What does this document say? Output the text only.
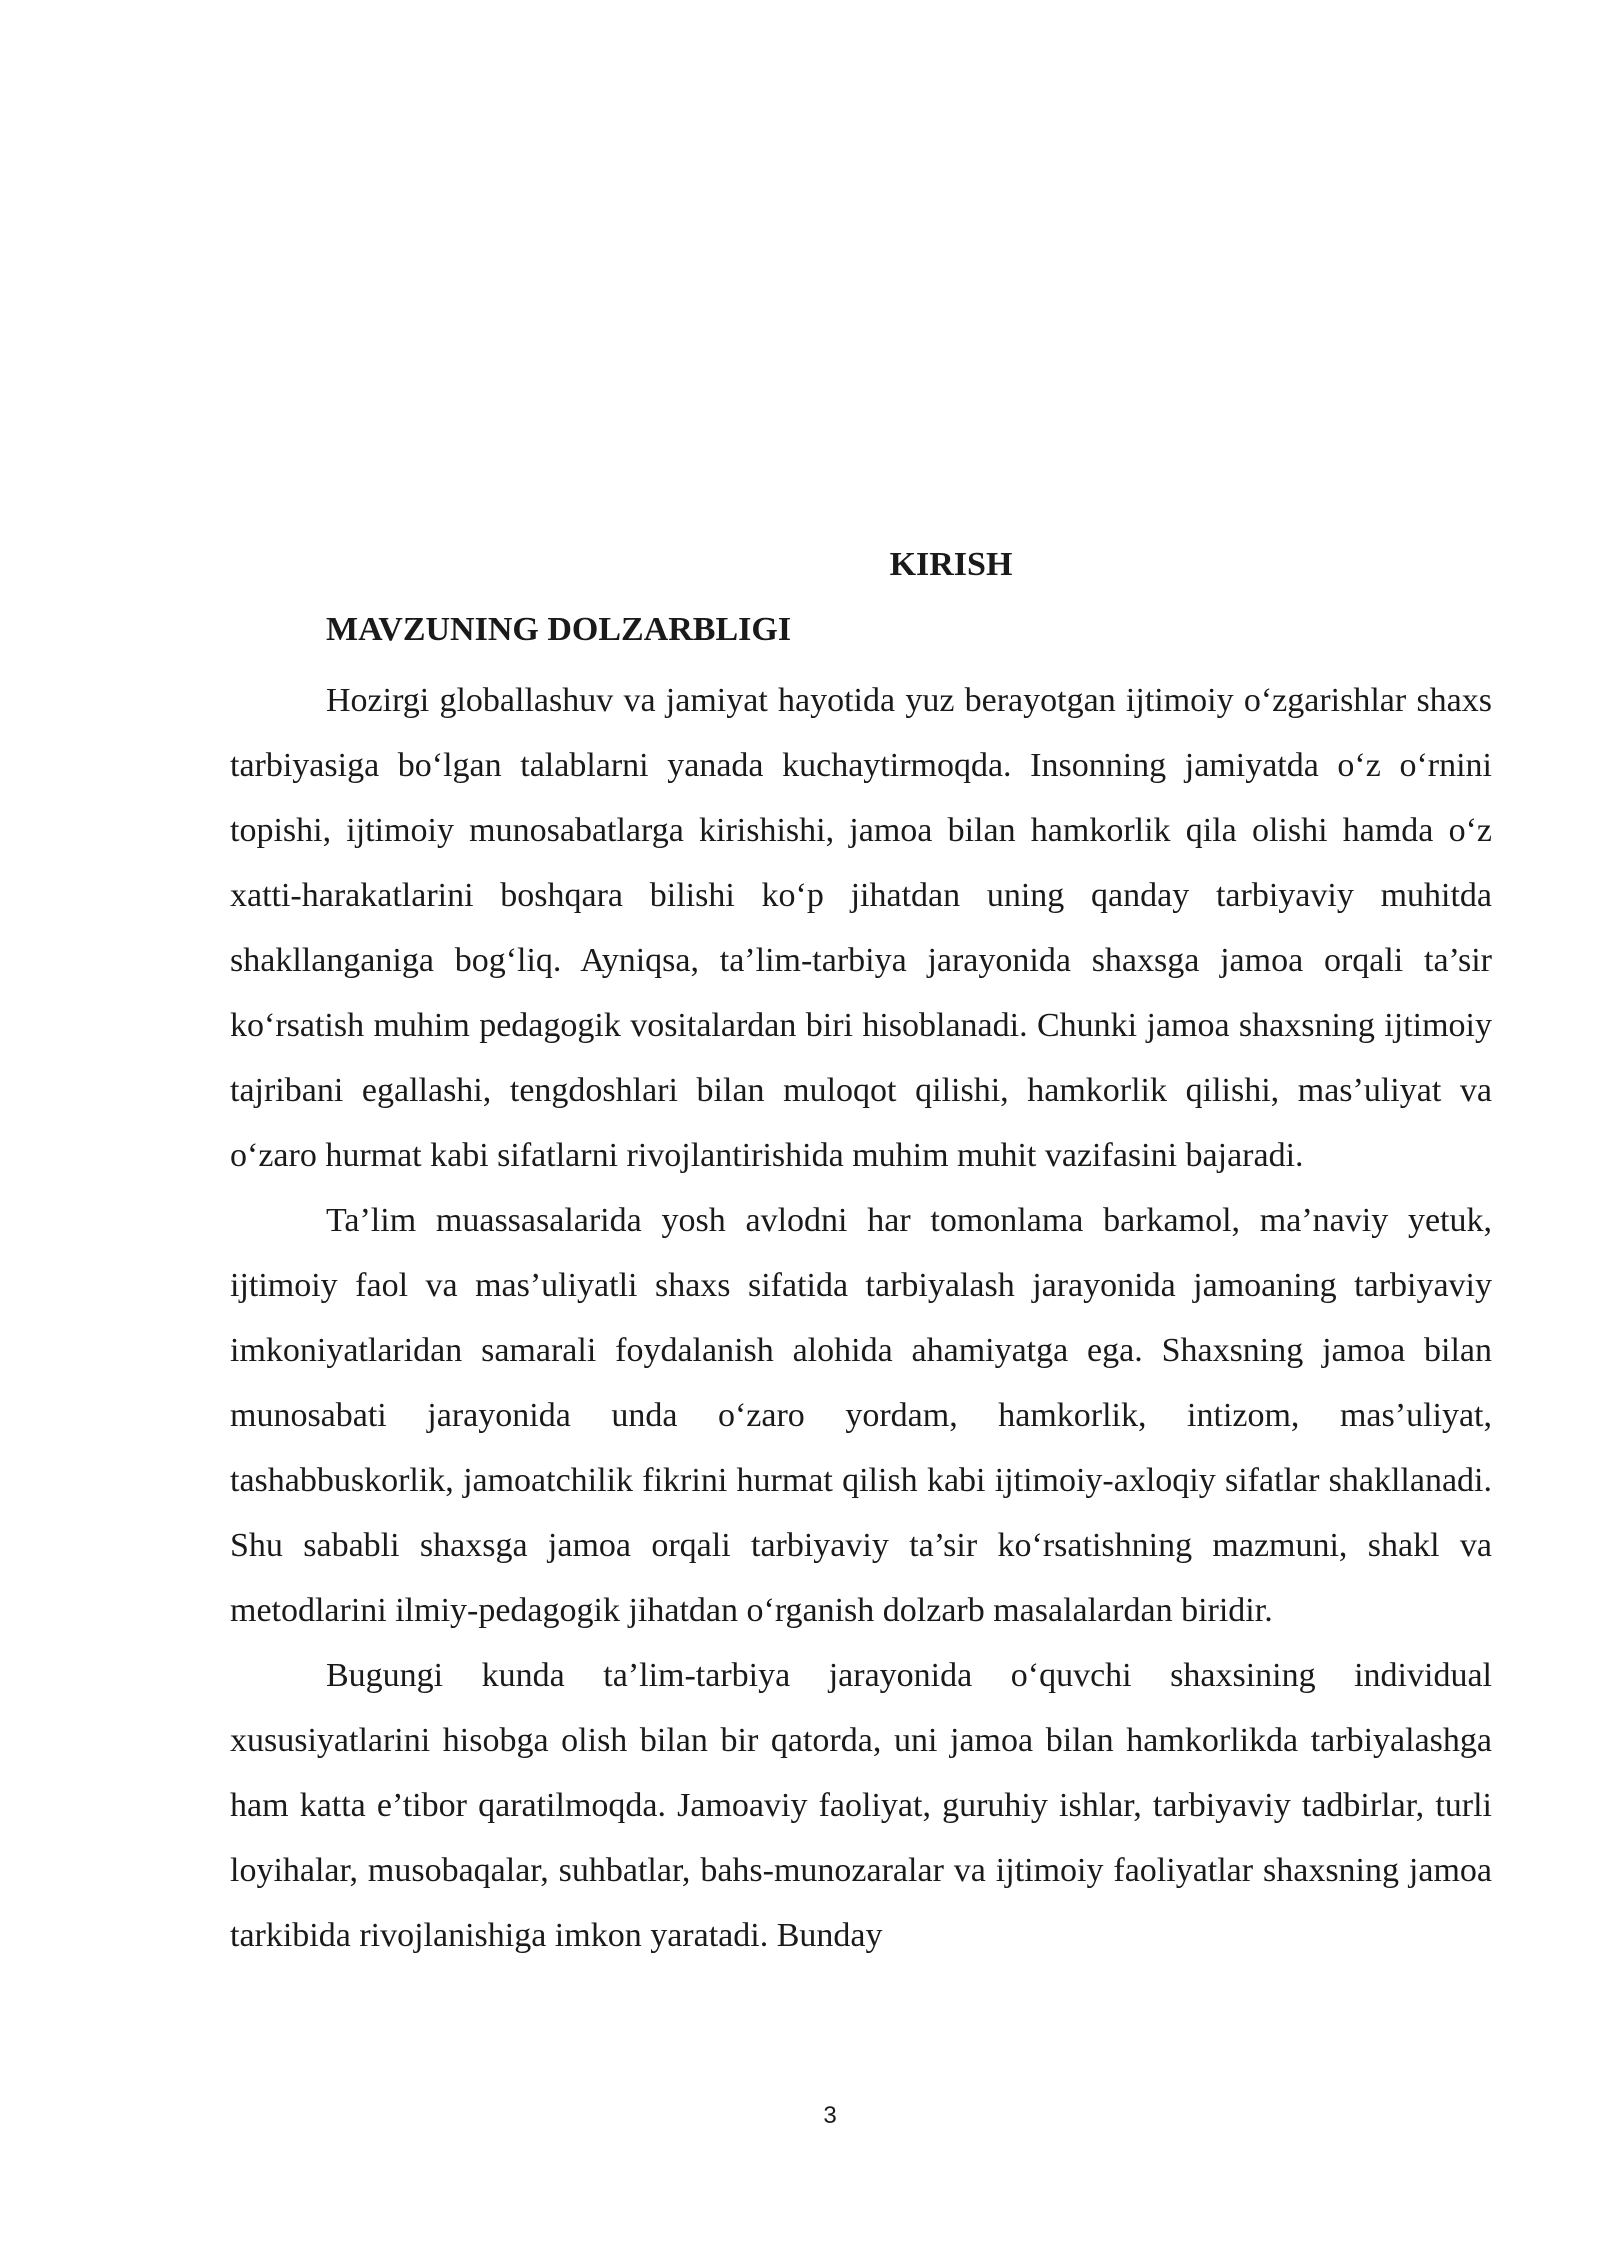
KIRISH
MAVZUNING DOLZARBLIGI

Hozirgi globallashuv va jamiyat hayotida yuz berayotgan ijtimoiy o‘zgarishlar shaxs tarbiyasiga bo‘lgan talablarni yanada kuchaytirmoqda. Insonning jamiyatda o‘z o‘rnini topishi, ijtimoiy munosabatlarga kirishishi, jamoa bilan hamkorlik qila olishi hamda o‘z xatti-harakatlarini boshqara bilishi ko‘p jihatdan uning qanday tarbiyaviy muhitda shakllanganiga bog‘liq. Ayniqsa, ta’lim-tarbiya jarayonida shaxsga jamoa orqali ta’sir ko‘rsatish muhim pedagogik vositalardan biri hisoblanadi. Chunki jamoa shaxsning ijtimoiy tajribani egallashi, tengdoshlari bilan muloqot qilishi, hamkorlik qilishi, mas’uliyat va o‘zaro hurmat kabi sifatlarni rivojlantirishida muhim muhit vazifasini bajaradi.

Ta’lim muassasalarida yosh avlodni har tomonlama barkamol, ma’naviy yetuk, ijtimoiy faol va mas’uliyatli shaxs sifatida tarbiyalash jarayonida jamoaning tarbiyaviy imkoniyatlaridan samarali foydalanish alohida ahamiyatga ega. Shaxsning jamoa bilan munosabati jarayonida unda o‘zaro yordam, hamkorlik, intizom, mas’uliyat, tashabbuskorlik, jamoatchilik fikrini hurmat qilish kabi ijtimoiy-axloqiy sifatlar shakllanadi. Shu sababli shaxsga jamoa orqali tarbiyaviy ta’sir ko‘rsatishning mazmuni, shakl va metodlarini ilmiy-pedagogik jihatdan o‘rganish dolzarb masalalardan biridir.

Bugungi kunda ta’lim-tarbiya jarayonida o‘quvchi shaxsining individual xususiyatlarini hisobga olish bilan bir qatorda, uni jamoa bilan hamkorlikda tarbiyalashga ham katta e’tibor qaratilmoqda. Jamoaviy faoliyat, guruhiy ishlar, tarbiyaviy tadbirlar, turli loyihalar, musobaqalar, suhbatlar, bahs-munozaralar va ijtimoiy faoliyatlar shaxsning jamoa tarkibida rivojlanishiga imkon yaratadi. Bunday

3
